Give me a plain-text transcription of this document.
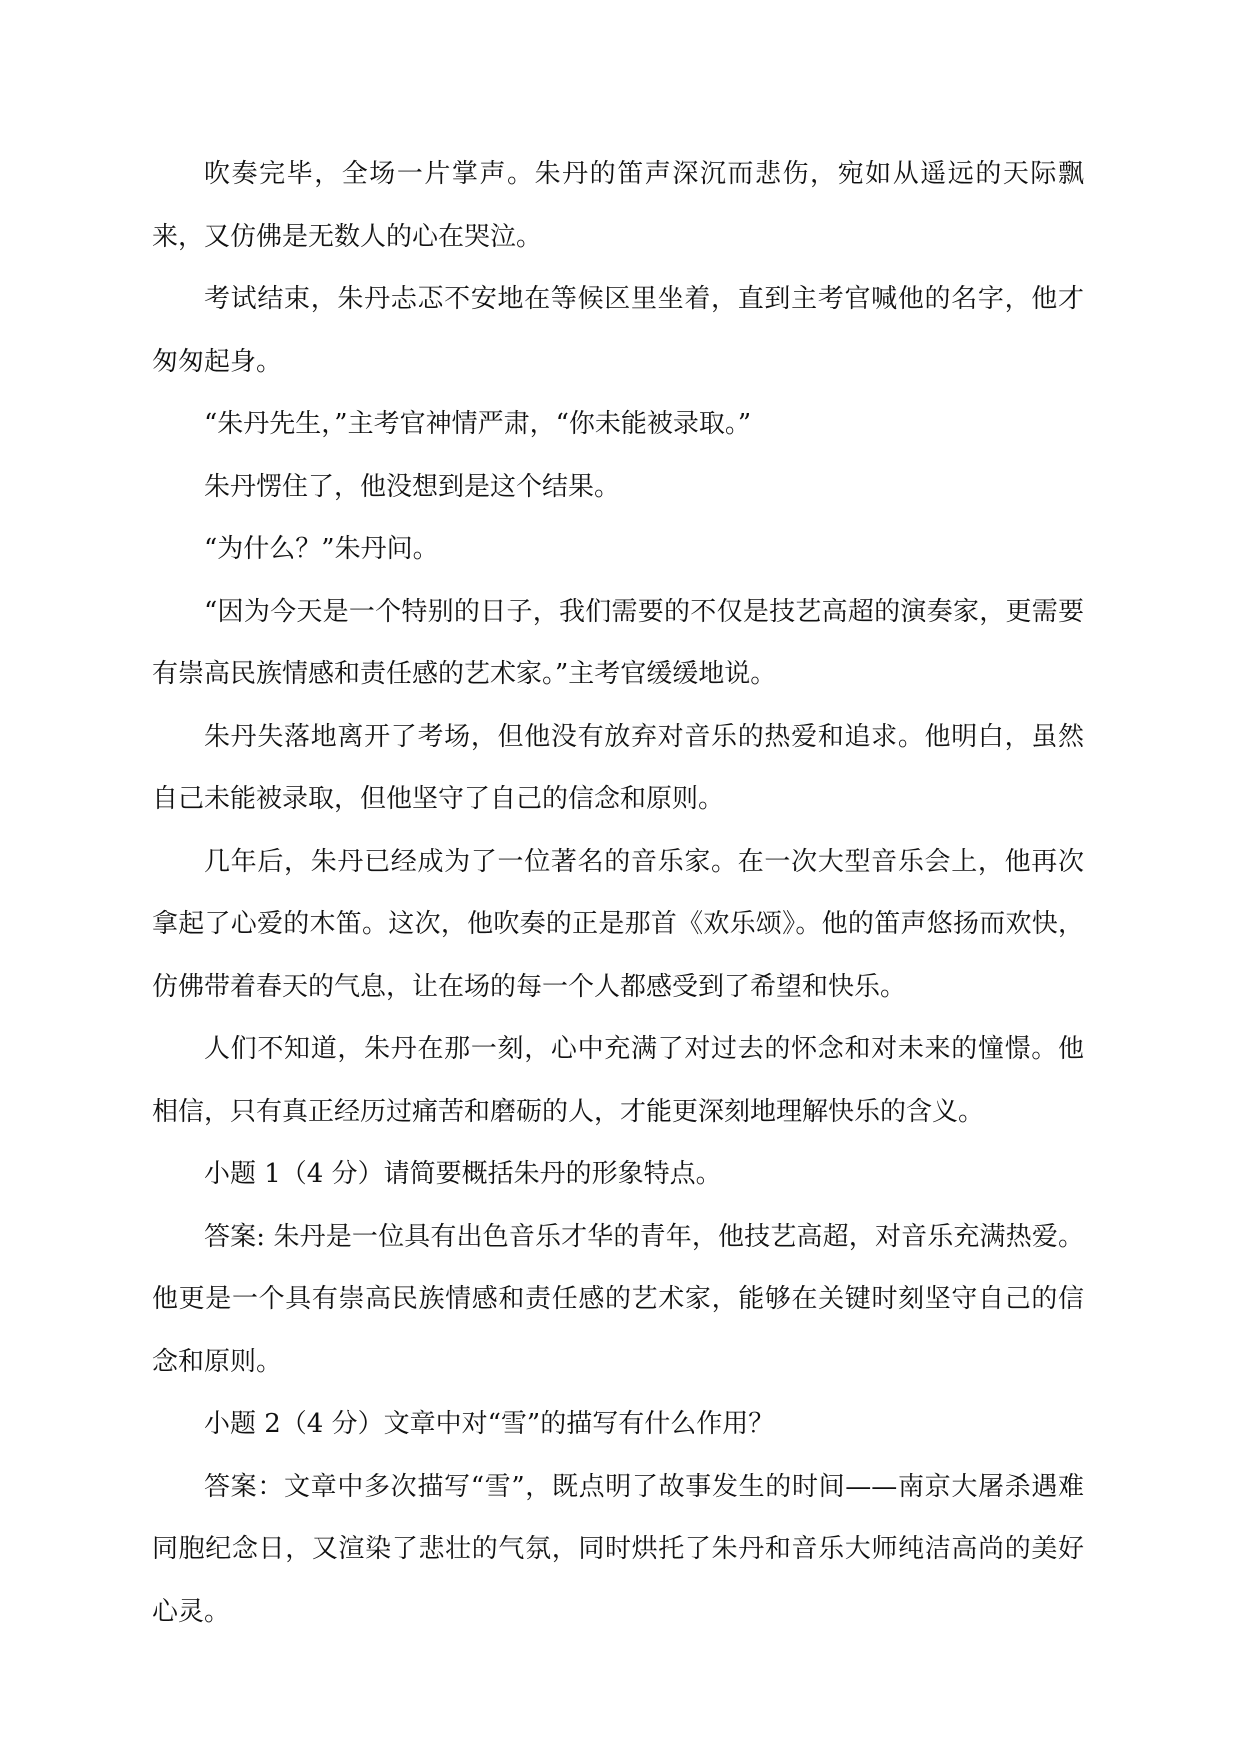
吹奏完毕，全场一片掌声。朱丹的笛声深沉而悲伤，宛如从遥远的天际飘来，又仿佛是无数人的心在哭泣。

考试结束，朱丹忐忑不安地在等候区里坐着，直到主考官喊他的名字，他才匆匆起身。

“朱丹先生，”主考官神情严肃，“你未能被录取。”

朱丹愣住了，他没想到是这个结果。

“为什么？”朱丹问。

“因为今天是一个特别的日子，我们需要的不仅是技艺高超的演奏家，更需要有崇高民族情感和责任感的艺术家。”主考官缓缓地说。

朱丹失落地离开了考场，但他没有放弃对音乐的热爱和追求。他明白，虽然自己未能被录取，但他坚守了自己的信念和原则。

几年后，朱丹已经成为了一位著名的音乐家。在一次大型音乐会上，他再次拿起了心爱的木笛。这次，他吹奏的正是那首《欢乐颂》。他的笛声悠扬而欢快，仿佛带着春天的气息，让在场的每一个人都感受到了希望和快乐。

人们不知道，朱丹在那一刻，心中充满了对过去的怀念和对未来的憧憬。他相信，只有真正经历过痛苦和磨砺的人，才能更深刻地理解快乐的含义。

小题 1（4 分）请简要概括朱丹的形象特点。

答案: 朱丹是一位具有出色音乐才华的青年，他技艺高超，对音乐充满热爱。他更是一个具有崇高民族情感和责任感的艺术家，能够在关键时刻坚守自己的信念和原则。

小题 2（4 分）文章中对“雪”的描写有什么作用？

答案：文章中多次描写“雪”，既点明了故事发生的时间——南京大屠杀遇难同胞纪念日，又渲染了悲壮的气氛，同时烘托了朱丹和音乐大师纯洁高尚的美好心灵。
